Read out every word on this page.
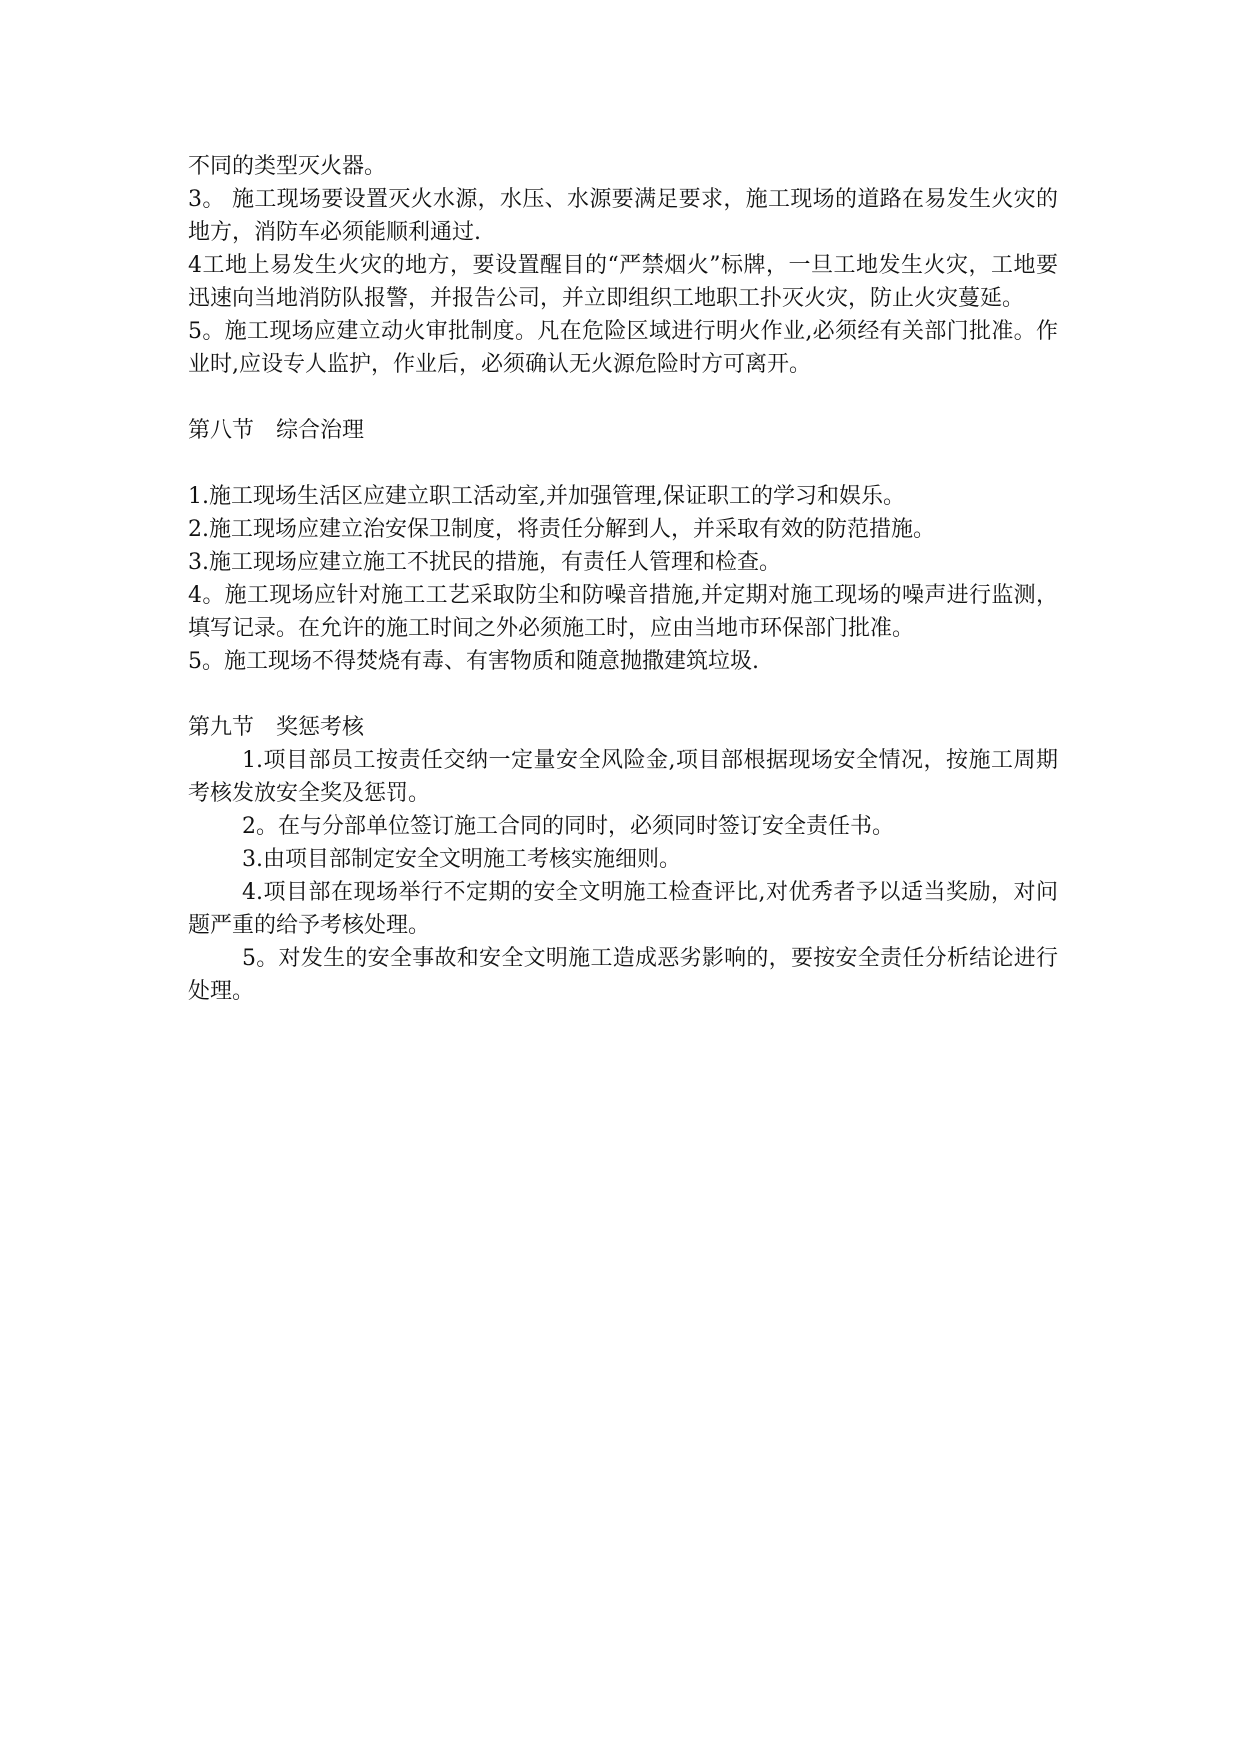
不同的类型灭火器。

3。 施工现场要设置灭火水源，水压、水源要满足要求，施工现场的道路在易发生火灾的地方，消防车必须能顺利通过.

4工地上易发生火灾的地方，要设置醒目的“严禁烟火”标牌，一旦工地发生火灾，工地要迅速向当地消防队报警，并报告公司，并立即组织工地职工扑灭火灾，防止火灾蔓延。

5。施工现场应建立动火审批制度。凡在危险区域进行明火作业,必须经有关部门批准。作业时,应设专人监护，作业后，必须确认无火源危险时方可离开。

第八节　综合治理

1.施工现场生活区应建立职工活动室,并加强管理,保证职工的学习和娱乐。

2.施工现场应建立治安保卫制度，将责任分解到人，并采取有效的防范措施。

3.施工现场应建立施工不扰民的措施，有责任人管理和检查。

4。施工现场应针对施工工艺采取防尘和防噪音措施,并定期对施工现场的噪声进行监测，填写记录。在允许的施工时间之外必须施工时，应由当地市环保部门批准。

5。施工现场不得焚烧有毒、有害物质和随意抛撒建筑垃圾.

第九节　奖惩考核

1.项目部员工按责任交纳一定量安全风险金,项目部根据现场安全情况，按施工周期考核发放安全奖及惩罚。

2。在与分部单位签订施工合同的同时，必须同时签订安全责任书。

3.由项目部制定安全文明施工考核实施细则。

4.项目部在现场举行不定期的安全文明施工检查评比,对优秀者予以适当奖励，对问题严重的给予考核处理。

5。对发生的安全事故和安全文明施工造成恶劣影响的，要按安全责任分析结论进行处理。
